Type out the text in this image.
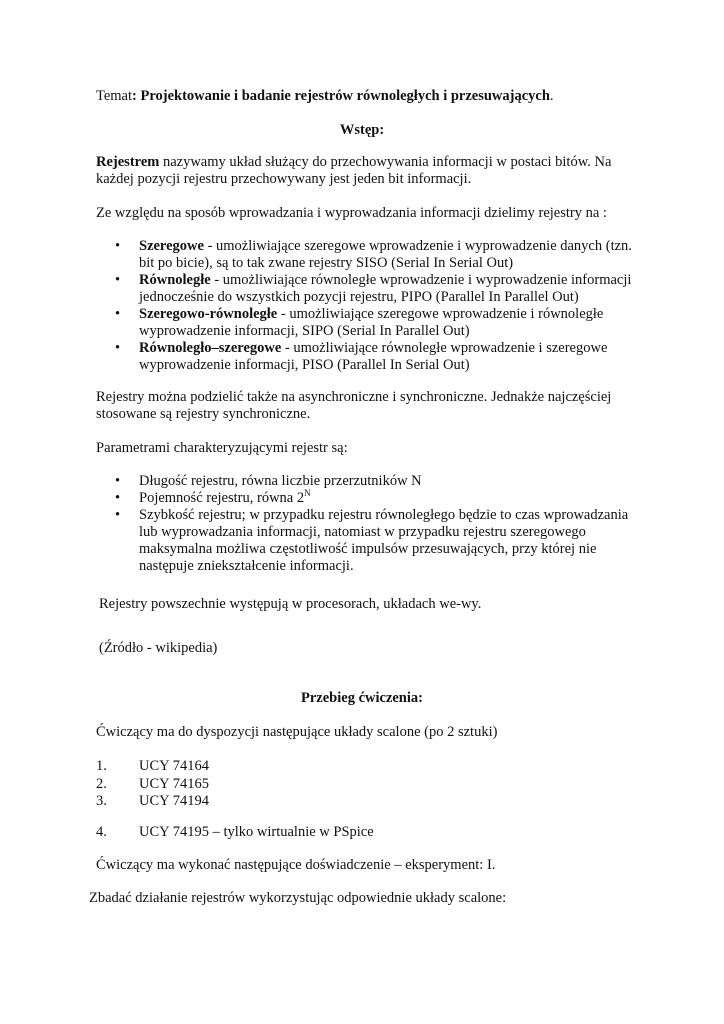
Temat: Projektowanie i badanie rejestrów równoległych i przesuwających.
Wstęp:
Rejestrem nazywamy układ służący do przechowywania informacji w postaci bitów. Na
każdej pozycji rejestru przechowywany jest jeden bit informacji.
Ze względu na sposób wprowadzania i wyprowadzania informacji dzielimy rejestry na :
• Szeregowe - umożliwiające szeregowe wprowadzenie i wyprowadzenie danych (tzn.
bit po bicie), są to tak zwane rejestry SISO (Serial In Serial Out)
• Równoległe - umożliwiające równoległe wprowadzenie i wyprowadzenie informacji
jednocześnie do wszystkich pozycji rejestru, PIPO (Parallel In Parallel Out)
• Szeregowo-równoległe - umożliwiające szeregowe wprowadzenie i równoległe
wyprowadzenie informacji, SIPO (Serial In Parallel Out)
• Równoległo–szeregowe - umożliwiające równoległe wprowadzenie i szeregowe
wyprowadzenie informacji, PISO (Parallel In Serial Out)
Rejestry można podzielić także na asynchroniczne i synchroniczne. Jednakże najczęściej
stosowane są rejestry synchroniczne.
Parametrami charakteryzującymi rejestr są:
• Długość rejestru, równa liczbie przerzutników N
• Pojemność rejestru, równa $2^N$
• Szybkość rejestru; w przypadku rejestru równoległego będzie to czas wprowadzania
lub wyprowadzania informacji, natomiast w przypadku rejestru szeregowego
maksymalna możliwa częstotliwość impulsów przesuwających, przy której nie
następuje zniekształcenie informacji.
Rejestry powszechnie występują w procesorach, układach we-wy.
(Źródło - wikipedia)
Przebieg ćwiczenia:
Ćwiczący ma do dyspozycji następujące układy scalone (po 2 sztuki)
1. UCY 74164
2. UCY 74165
3. UCY 74194
4. UCY 74195 – tylko wirtualnie w PSpice
Ćwiczący ma wykonać następujące doświadczenie – eksperyment: I.
Zbadać działanie rejestrów wykorzystując odpowiednie układy scalone:
